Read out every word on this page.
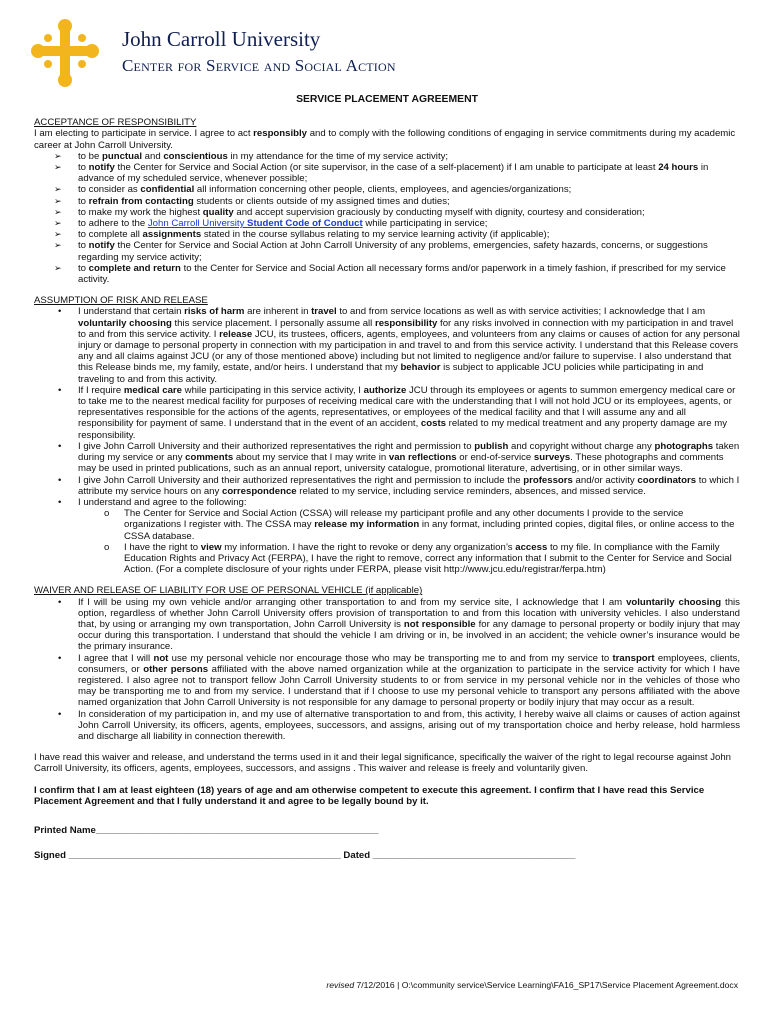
John Carroll University
Center for Service and Social Action
SERVICE PLACEMENT AGREEMENT

ACCEPTANCE OF RESPONSIBILITY

I am electing to participate in service. I agree to act responsibly and to comply with the following conditions of engaging in service commitments during my academic career at John Carroll University.

➢ to be punctual and conscientious in my attendance for the time of my service activity;
➢ to notify the Center for Service and Social Action (or site supervisor, in the case of a self-placement) if I am unable to participate at least 24 hours in advance of my scheduled service, whenever possible;
➢ to consider as confidential all information concerning other people, clients, employees, and agencies/organizations;
➢ to refrain from contacting students or clients outside of my assigned times and duties;
➢ to make my work the highest quality and accept supervision graciously by conducting myself with dignity, courtesy and consideration;
➢ to adhere to the John Carroll University Student Code of Conduct while participating in service;
➢ to complete all assignments stated in the course syllabus relating to my service learning activity (if applicable);
➢ to notify the Center for Service and Social Action at John Carroll University of any problems, emergencies, safety hazards, concerns, or suggestions regarding my service activity;
➢ to complete and return to the Center for Service and Social Action all necessary forms and/or paperwork in a timely fashion, if prescribed for my service activity.

ASSUMPTION OF RISK AND RELEASE

• I understand that certain risks of harm are inherent in travel to and from service locations as well as with service activities; I acknowledge that I am voluntarily choosing this service placement. I personally assume all responsibility for any risks involved in connection with my participation in and travel to and from this service activity. I release JCU, its trustees, officers, agents, employees, and volunteers from any claims or causes of action for any personal injury or damage to personal property in connection with my participation in and travel to and from this service activity. I understand that this Release covers any and all claims against JCU (or any of those mentioned above) including but not limited to negligence and/or failure to supervise. I also understand that this Release binds me, my family, estate, and/or heirs. I understand that my behavior is subject to applicable JCU policies while participating in and traveling to and from this activity.
• If I require medical care while participating in this service activity, I authorize JCU through its employees or agents to summon emergency medical care or to take me to the nearest medical facility for purposes of receiving medical care with the understanding that I will not hold JCU or its employees, agents, or representatives responsible for the actions of the agents, representatives, or employees of the medical facility and that I will assume any and all responsibility for payment of same. I understand that in the event of an accident, costs related to my medical treatment and any property damage are my responsibility.
• I give John Carroll University and their authorized representatives the right and permission to publish and copyright without charge any photographs taken during my service or any comments about my service that I may write in van reflections or end-of-service surveys. These photographs and comments may be used in printed publications, such as an annual report, university catalogue, promotional literature, advertising, or in other similar ways.
• I give John Carroll University and their authorized representatives the right and permission to include the professors and/or activity coordinators to which I attribute my service hours on any correspondence related to my service, including service reminders, absences, and missed service.
• I understand and agree to the following:
o The Center for Service and Social Action (CSSA) will release my participant profile and any other documents I provide to the service organizations I register with. The CSSA may release my information in any format, including printed copies, digital files, or online access to the CSSA database.
o I have the right to view my information. I have the right to revoke or deny any organization’s access to my file. In compliance with the Family Education Rights and Privacy Act (FERPA), I have the right to remove, correct any information that I submit to the Center for Service and Social Action. (For a complete disclosure of your rights under FERPA, please visit http://www.jcu.edu/registrar/ferpa.htm)

WAIVER AND RELEASE OF LIABILITY FOR USE OF PERSONAL VEHICLE (if applicable)

• If I will be using my own vehicle and/or arranging other transportation to and from my service site, I acknowledge that I am voluntarily choosing this option, regardless of whether John Carroll University offers provision of transportation to and from this location with university vehicles. I also understand that, by using or arranging my own transportation, John Carroll University is not responsible for any damage to personal property or bodily injury that may occur during this transportation. I understand that should the vehicle I am driving or in, be involved in an accident; the vehicle owner’s insurance would be the primary insurance.
• I agree that I will not use my personal vehicle nor encourage those who may be transporting me to and from my service to transport employees, clients, consumers, or other persons affiliated with the above named organization while at the organization to participate in the service activity for which I have registered. I also agree not to transport fellow John Carroll University students to or from service in my personal vehicle nor in the vehicles of those who may be transporting me to and from my service. I understand that if I choose to use my personal vehicle to transport any persons affiliated with the above named organization that John Carroll University is not responsible for any damage to personal property or bodily injury that may occur as a result.
• In consideration of my participation in, and my use of alternative transportation to and from, this activity, I hereby waive all claims or causes of action against John Carroll University, its officers, agents, employees, successors, and assigns, arising out of my transportation choice and herby release, hold harmless and discharge all liability in connection therewith.

I have read this waiver and release, and understand the terms used in it and their legal significance, specifically the waiver of the right to legal recourse against John Carroll University, its officers, agents, employees, successors, and assigns . This waiver and release is freely and voluntarily given.

I confirm that I am at least eighteen (18) years of age and am otherwise competent to execute this agreement. I confirm that I have read this Service Placement Agreement and that I fully understand it and agree to be legally bound by it.

Printed Name_____________________________________________________

Signed ___________________________________________________ Dated ______________________________________

revised 7/12/2016 | O:\community service\Service Learning\FA16_SP17\Service Placement Agreement.docx
